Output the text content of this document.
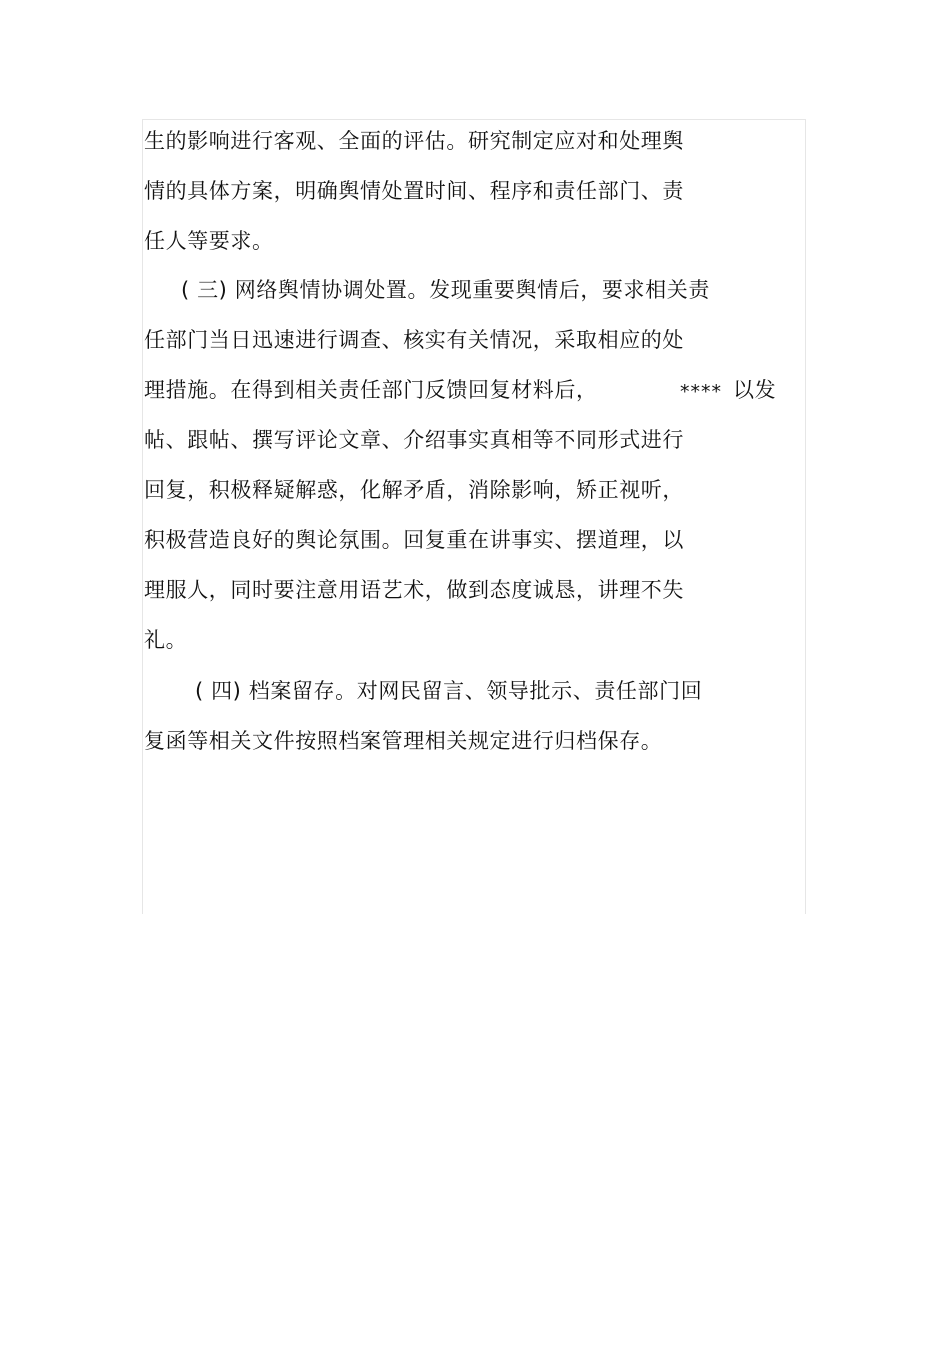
生的影响进行客观、全面的评估。研究制定应对和处理舆
情的具体方案，明确舆情处置时间、程序和责任部门、责
任人等要求。
( 三) 网络舆情协调处置。发现重要舆情后，要求相关责
任部门当日迅速进行调查、核实有关情况，采取相应的处
理措施。在得到相关责任部门反馈回复材料后，	**** 以发
帖、跟帖、撰写评论文章、介绍事实真相等不同形式进行
回复，积极释疑解惑，化解矛盾，消除影响，矫正视听，
积极营造良好的舆论氛围。回复重在讲事实、摆道理，以
理服人，同时要注意用语艺术，做到态度诚恳，讲理不失
礼。
( 四) 档案留存。对网民留言、领导批示、责任部门回
复函等相关文件按照档案管理相关规定进行归档保存。
